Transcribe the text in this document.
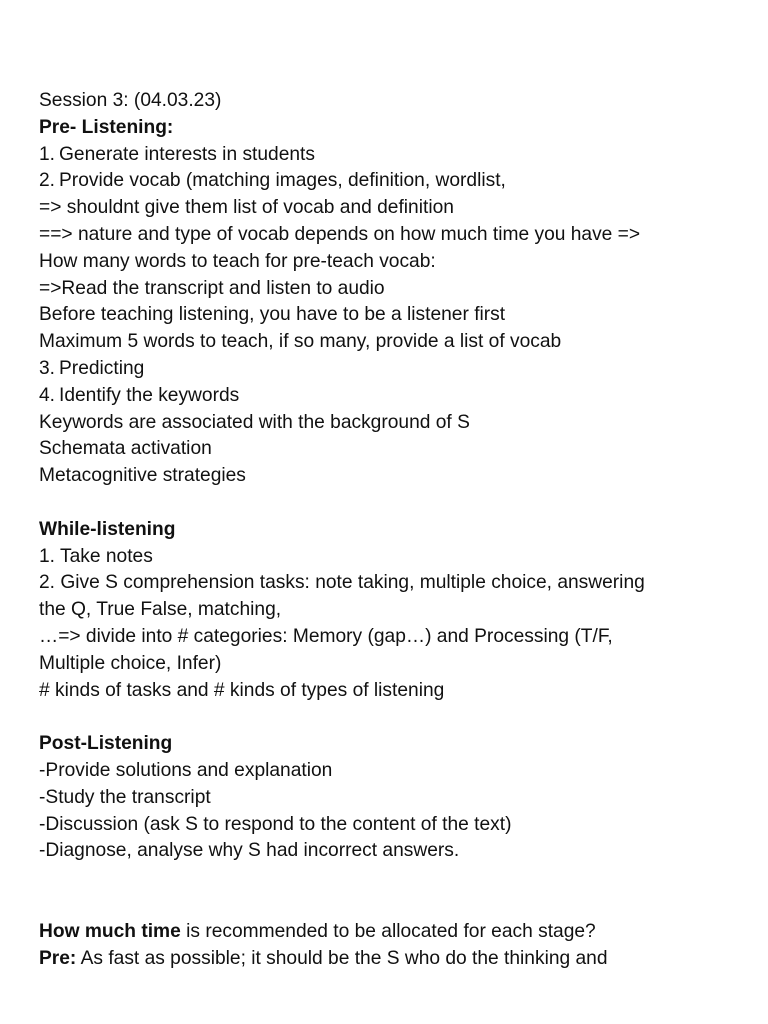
Session 3: (04.03.23)

Pre- Listening:

1. Generate interests in students

2. Provide vocab (matching images, definition, wordlist,

=> shouldnt give them list of vocab and definition

==> nature and type of vocab depends on how much time you have =>

How many words to teach for pre-teach vocab:

=>Read the transcript and listen to audio

Before teaching listening, you have to be a listener first

Maximum 5 words to teach, if so many, provide a list of vocab

3. Predicting

4. Identify the keywords

Keywords are associated with the background of S

Schemata activation

Metacognitive strategies

While-listening

1. Take notes

2. Give S comprehension tasks: note taking, multiple choice, answering

the Q, True False, matching,

…=> divide into # categories: Memory (gap…) and Processing (T/F,

Multiple choice, Infer)

# kinds of tasks and # kinds of types of listening

Post-Listening

-Provide solutions and explanation

-Study the transcript

-Discussion (ask S to respond to the content of the text)

-Diagnose, analyse why S had incorrect answers.

How much time is recommended to be allocated for each stage?

Pre: As fast as possible; it should be the S who do the thinking and
